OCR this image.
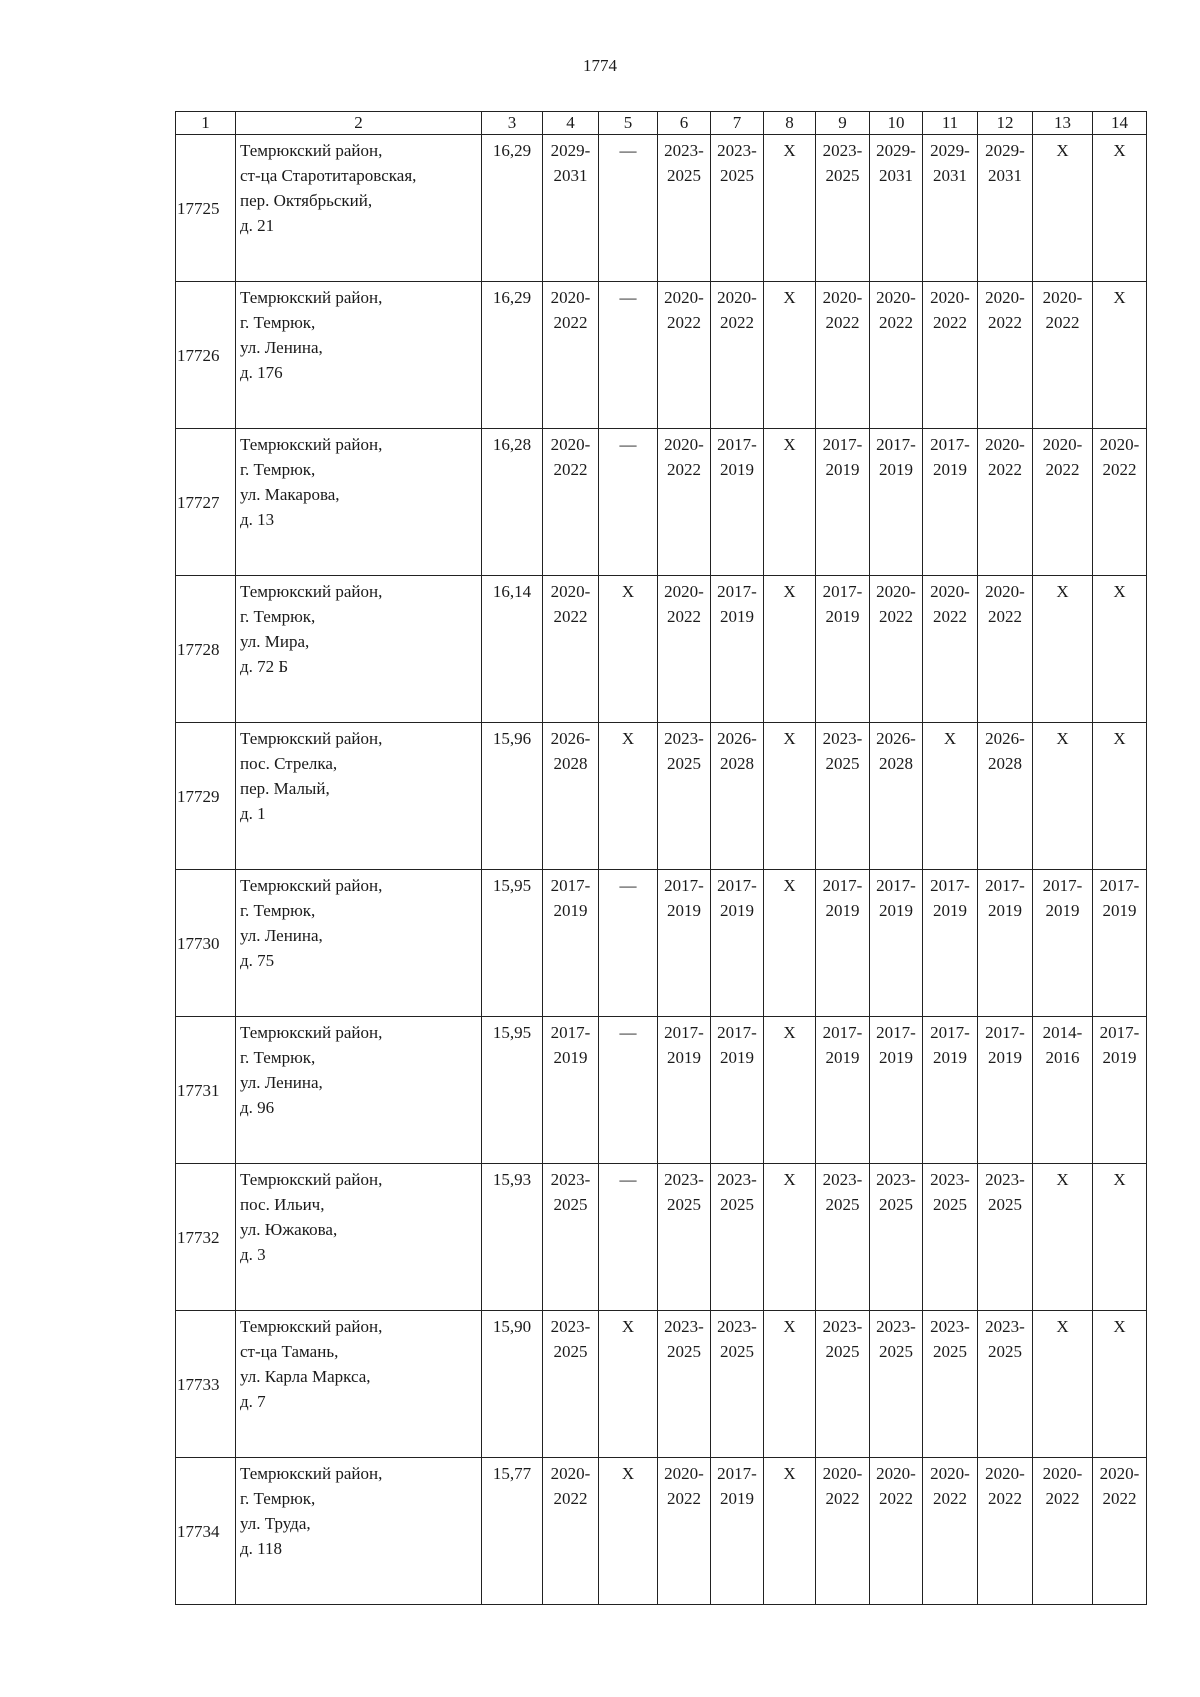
1774
1	2	3	4	5	6	7	8	9	10	11	12	13	14
17725	Темрюкский район,
ст-ца Старотитаровская,
пер. Октябрьский,
д. 21	16,29	2029-
2031	—	2023-
2025	2023-
2025	X	2023-
2025	2029-
2031	2029-
2031	2029-
2031	X	X

17726	Темрюкский район,
г. Темрюк,
ул. Ленина,
д. 176	16,29	2020-
2022	—	2020-
2022	2020-
2022	X	2020-
2022	2020-
2022	2020-
2022	2020-
2022	2020-
2022	X

17727	Темрюкский район,
г. Темрюк,
ул. Макарова,
д. 13	16,28	2020-
2022	—	2020-
2022	2017-
2019	X	2017-
2019	2017-
2019	2017-
2019	2020-
2022	2020-
2022	2020-
2022

17728	Темрюкский район,
г. Темрюк,
ул. Мира,
д. 72 Б	16,14	2020-
2022	X	2020-
2022	2017-
2019	X	2017-
2019	2020-
2022	2020-
2022	2020-
2022	X	X

17729	Темрюкский район,
пос. Стрелка,
пер. Малый,
д. 1	15,96	2026-
2028	X	2023-
2025	2026-
2028	X	2023-
2025	2026-
2028	X	2026-
2028	X	X

17730	Темрюкский район,
г. Темрюк,
ул. Ленина,
д. 75	15,95	2017-
2019	—	2017-
2019	2017-
2019	X	2017-
2019	2017-
2019	2017-
2019	2017-
2019	2017-
2019	2017-
2019

17731	Темрюкский район,
г. Темрюк,
ул. Ленина,
д. 96	15,95	2017-
2019	—	2017-
2019	2017-
2019	X	2017-
2019	2017-
2019	2017-
2019	2017-
2019	2014-
2016	2017-
2019

17732	Темрюкский район,
пос. Ильич,
ул. Южакова,
д. 3	15,93	2023-
2025	—	2023-
2025	2023-
2025	X	2023-
2025	2023-
2025	2023-
2025	2023-
2025	X	X

17733	Темрюкский район,
ст-ца Тамань,
ул. Карла Маркса,
д. 7	15,90	2023-
2025	X	2023-
2025	2023-
2025	X	2023-
2025	2023-
2025	2023-
2025	2023-
2025	X	X

17734	Темрюкский район,
г. Темрюк,
ул. Труда,
д. 118	15,77	2020-
2022	X	2020-
2022	2017-
2019	X	2020-
2022	2020-
2022	2020-
2022	2020-
2022	2020-
2022	2020-
2022
